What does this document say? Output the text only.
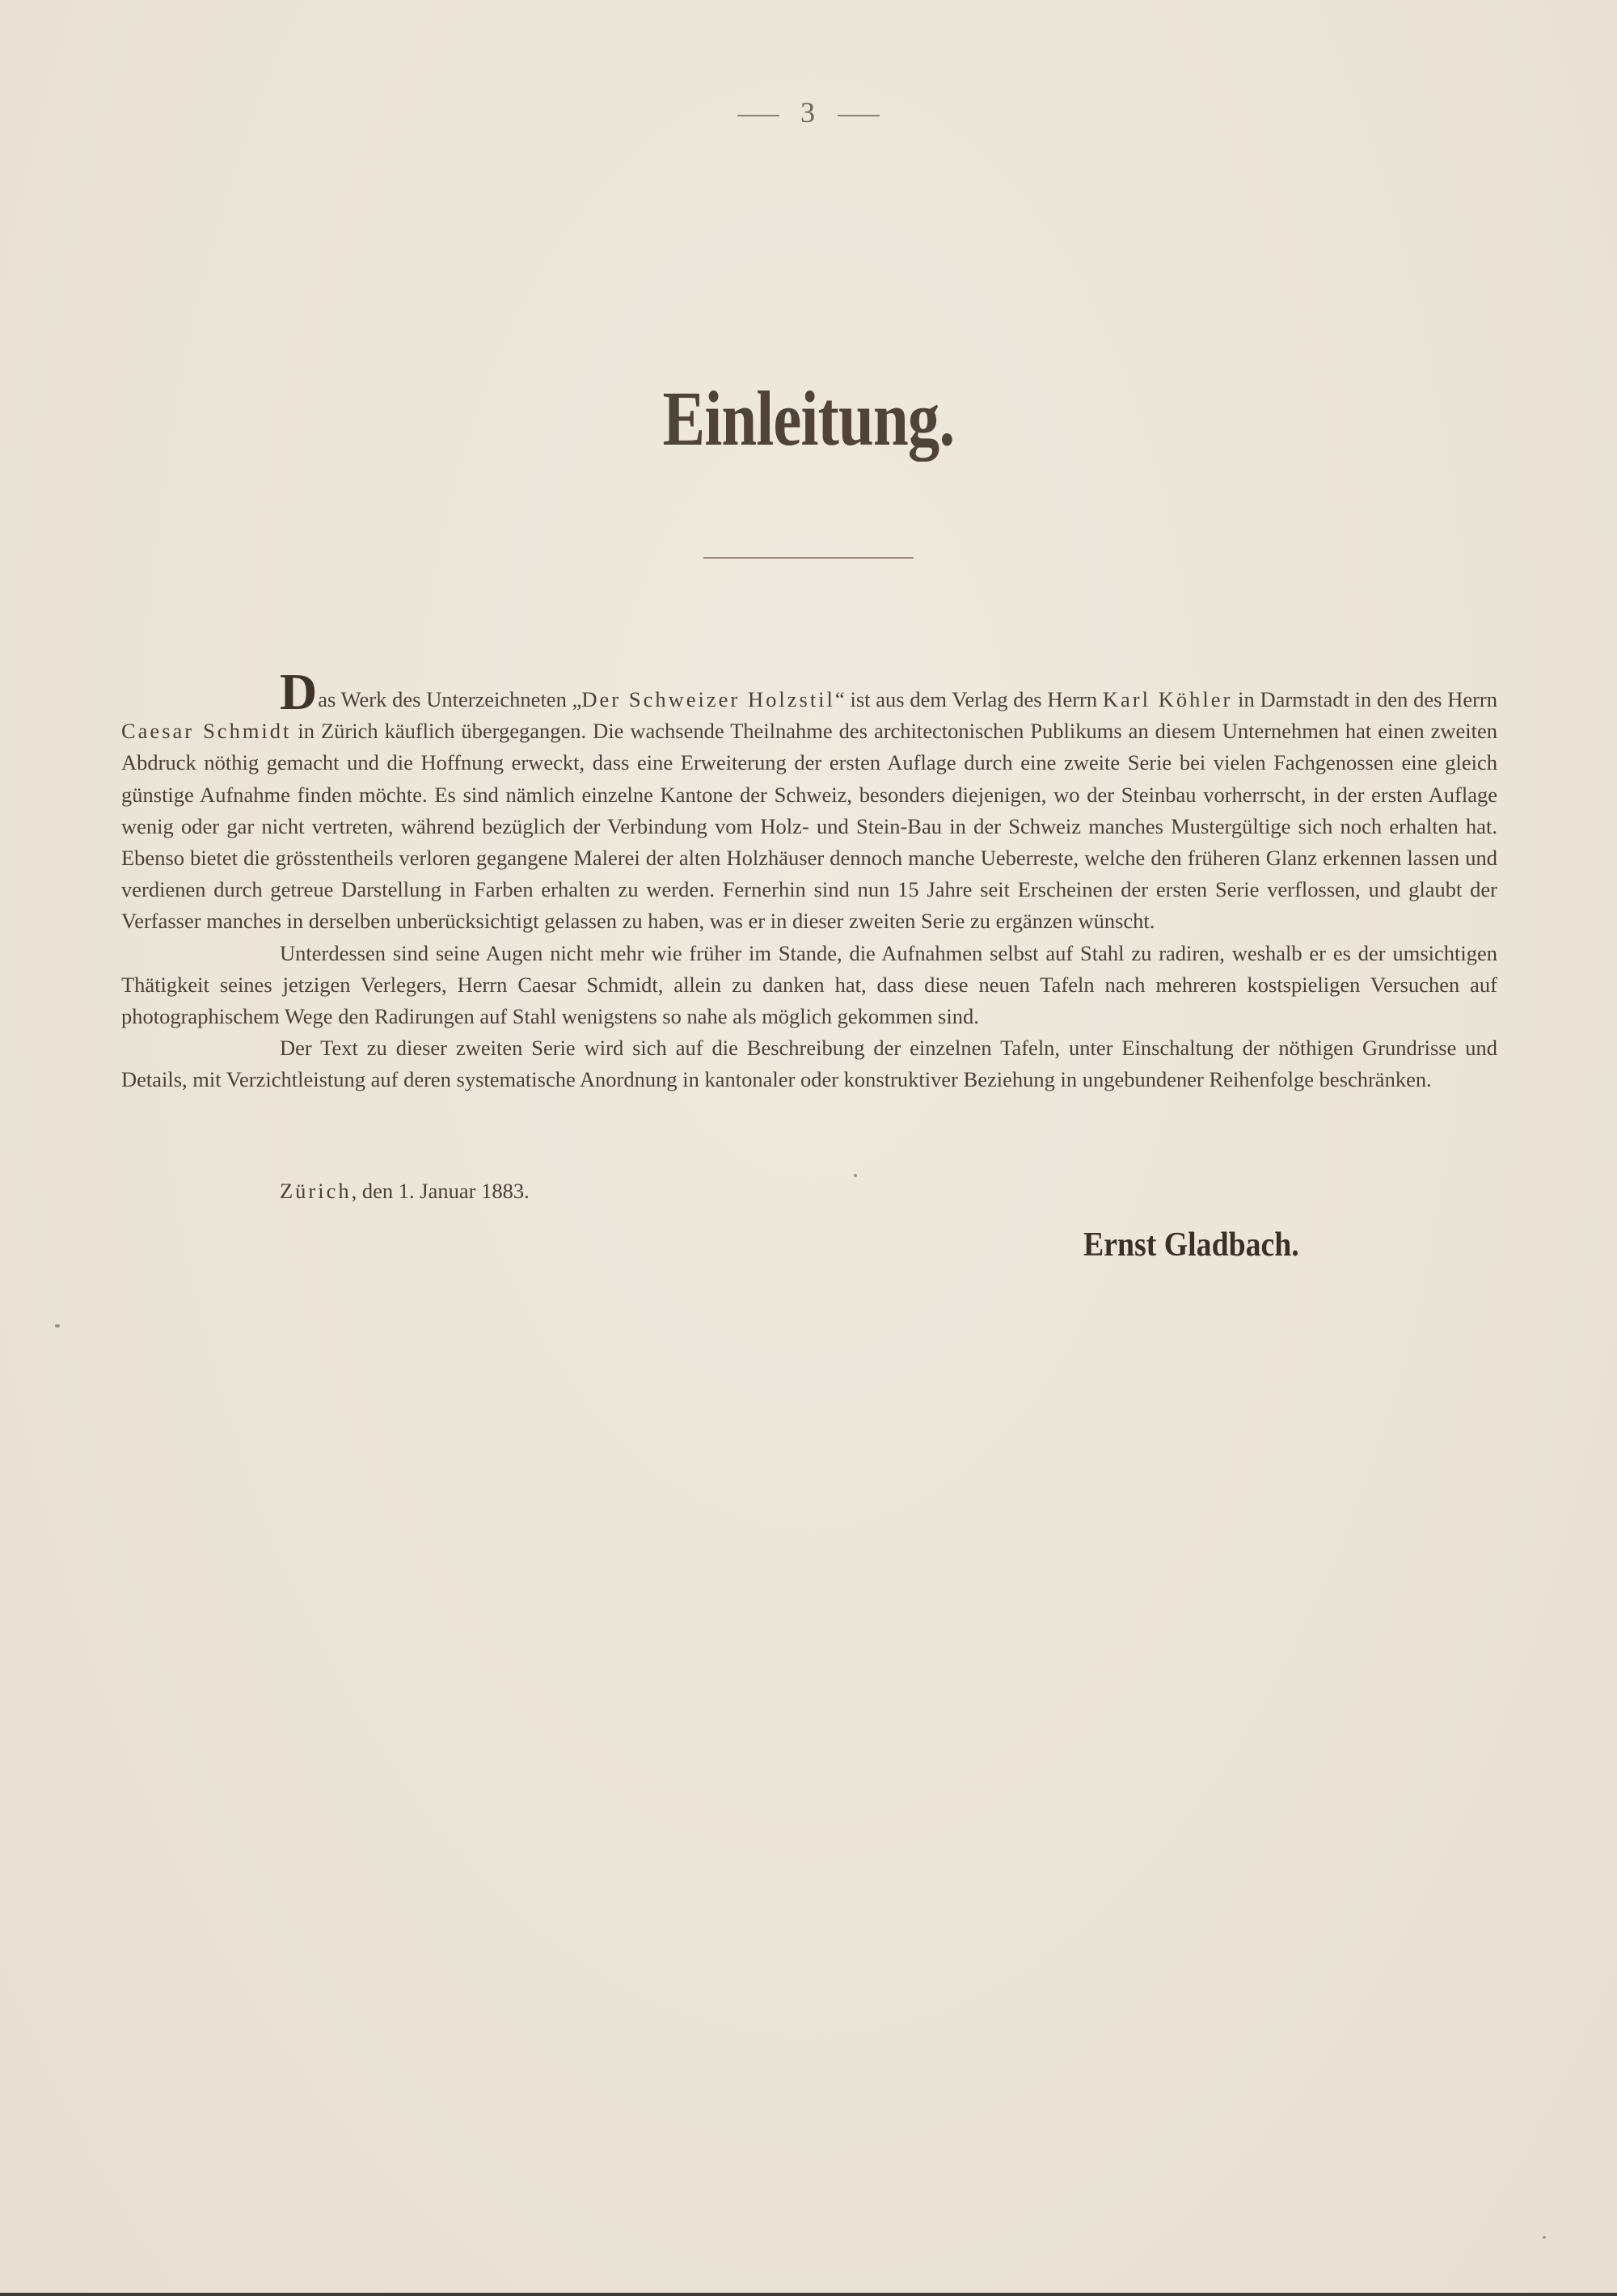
3
Einleitung.

Das Werk des Unterzeichneten „Der Schweizer Holzstil“ ist aus dem Verlag des Herrn Karl Köhler in Darmstadt in den des Herrn Caesar Schmidt in Zürich käuflich übergegangen. Die wachsende Theilnahme des architectonischen Publikums an diesem Unternehmen hat einen zweiten Abdruck nöthig gemacht und die Hoffnung erweckt, dass eine Erweiterung der ersten Auflage durch eine zweite Serie bei vielen Fachgenossen eine gleich günstige Aufnahme finden möchte. Es sind nämlich einzelne Kantone der Schweiz, besonders diejenigen, wo der Steinbau vorherrscht, in der ersten Auflage wenig oder gar nicht vertreten, während bezüglich der Verbindung vom Holz- und Stein-Bau in der Schweiz manches Mustergültige sich noch erhalten hat. Ebenso bietet die grösstentheils verloren gegangene Malerei der alten Holzhäuser dennoch manche Ueberreste, welche den früheren Glanz erkennen lassen und verdienen durch getreue Darstellung in Farben erhalten zu werden. Fernerhin sind nun 15 Jahre seit Erscheinen der ersten Serie verflossen, und glaubt der Verfasser manches in derselben unberücksichtigt gelassen zu haben, was er in dieser zweiten Serie zu ergänzen wünscht.

Unterdessen sind seine Augen nicht mehr wie früher im Stande, die Aufnahmen selbst auf Stahl zu radiren, weshalb er es der umsichtigen Thätigkeit seines jetzigen Verlegers, Herrn Caesar Schmidt, allein zu danken hat, dass diese neuen Tafeln nach mehreren kostspieligen Versuchen auf photographischem Wege den Radirungen auf Stahl wenigstens so nahe als möglich gekommen sind.

Der Text zu dieser zweiten Serie wird sich auf die Beschreibung der einzelnen Tafeln, unter Einschaltung der nöthigen Grundrisse und Details, mit Verzichtleistung auf deren systematische Anordnung in kantonaler oder konstruktiver Beziehung in ungebundener Reihenfolge beschränken.

Zürich, den 1. Januar 1883.
Ernst Gladbach.
